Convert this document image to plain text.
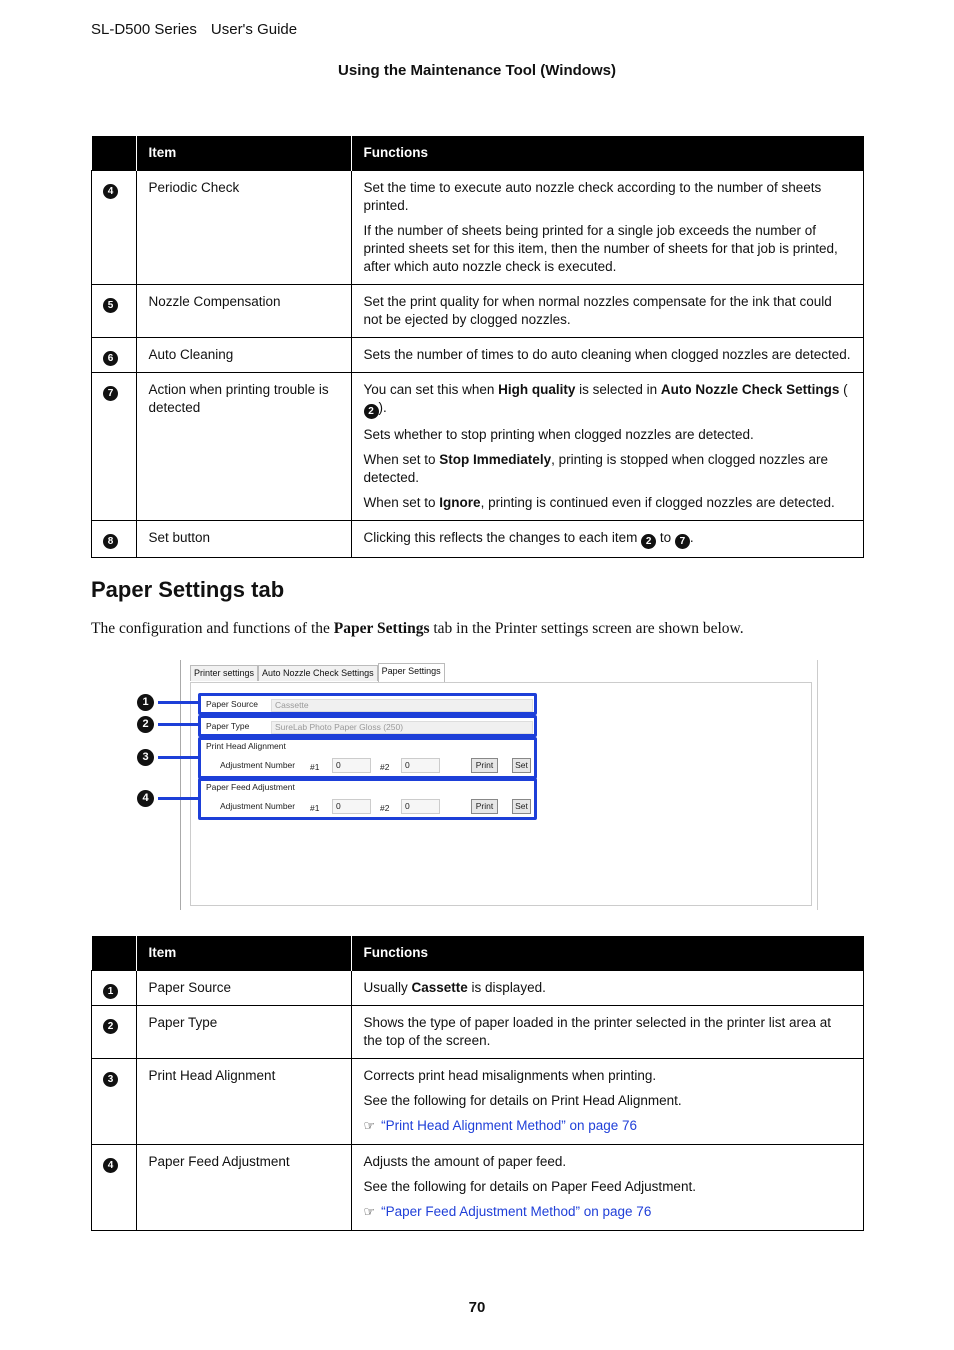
SL-D500 Series User's Guide
Using the Maintenance Tool (Windows)
	Item	Functions
4	Periodic Check	Set the time to execute auto nozzle check according to the number of sheets printed.

If the number of sheets being printed for a single job exceeds the number of printed sheets set for this item, then the number of sheets for that job is printed, after which auto nozzle check is executed.

5	Nozzle Compensation	Set the print quality for when normal nozzles compensate for the ink that could not be ejected by clogged nozzles.

6	Auto Cleaning	Sets the number of times to do auto cleaning when clogged nozzles are detected.

7	Action when printing trouble is detected	You can set this when High quality is selected in Auto Nozzle Check Settings (2 ).

Sets whether to stop printing when clogged nozzles are detected.

When set to Stop Immediately, printing is stopped when clogged nozzles are detected.

When set to Ignore, printing is continued even if clogged nozzles are detected.

8	Set button	Clicking this reflects the changes to each item 2 to 7 .

Paper Settings tab
The configuration and functions of the Paper Settings tab in the Printer settings screen are shown below.
Printer settings Auto Nozzle Check Settings Paper Settings
1
2
3
4
Paper Source	Cassette
Paper Type	SureLab Photo Paper Gloss (250)
Print Head Alignment
Adjustment Number #1	0	#2	0	Print	Set
Paper Feed Adjustment
Adjustment Number #1	0	#2	0	Print	Set
	Item	Functions
1	Paper Source	Usually Cassette is displayed.

2	Paper Type	Shows the type of paper loaded in the printer selected in the printer list area at the top of the screen.

3	Print Head Alignment	Corrects print head misalignments when printing.

See the following for details on Print Head Alignment.

☞ “Print Head Alignment Method” on page 76

4	Paper Feed Adjustment	Adjusts the amount of paper feed.

See the following for details on Paper Feed Adjustment.

☞ “Paper Feed Adjustment Method” on page 76

70
